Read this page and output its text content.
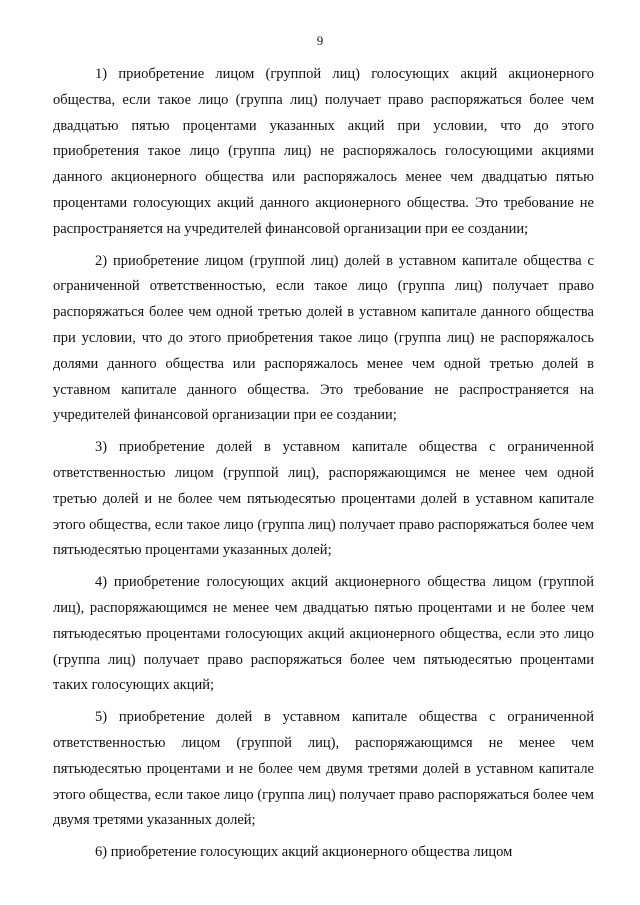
9

1) приобретение лицом (группой лиц) голосующих акций акционерного общества, если такое лицо (группа лиц) получает право распоряжаться более чем двадцатью пятью процентами указанных акций при условии, что до этого приобретения такое лицо (группа лиц) не распоряжалось голосующими акциями данного акционерного общества или распоряжалось менее чем двадцатью пятью процентами голосующих акций данного акционерного общества. Это требование не распространяется на учредителей финансовой организации при ее создании;

2) приобретение лицом (группой лиц) долей в уставном капитале общества с ограниченной ответственностью, если такое лицо (группа лиц) получает право распоряжаться более чем одной третью долей в уставном капитале данного общества при условии, что до этого приобретения такое лицо (группа лиц) не распоряжалось долями данного общества или распоряжалось менее чем одной третью долей в уставном капитале данного общества. Это требование не распространяется на учредителей финансовой организации при ее создании;

3) приобретение долей в уставном капитале общества с ограниченной ответственностью лицом (группой лиц), распоряжающимся не менее чем одной третью долей и не более чем пятьюдесятью процентами долей в уставном капитале этого общества, если такое лицо (группа лиц) получает право распоряжаться более чем пятьюдесятью процентами указанных долей;

4) приобретение голосующих акций акционерного общества лицом (группой лиц), распоряжающимся не менее чем двадцатью пятью процентами и не более чем пятьюдесятью процентами голосующих акций акционерного общества, если это лицо (группа лиц) получает право распоряжаться более чем пятьюдесятью процентами таких голосующих акций;

5) приобретение долей в уставном капитале общества с ограниченной ответственностью лицом (группой лиц), распоряжающимся не менее чем пятьюдесятью процентами и не более чем двумя третями долей в уставном капитале этого общества, если такое лицо (группа лиц) получает право распоряжаться более чем двумя третями указанных долей;

6) приобретение голосующих акций акционерного общества лицом
